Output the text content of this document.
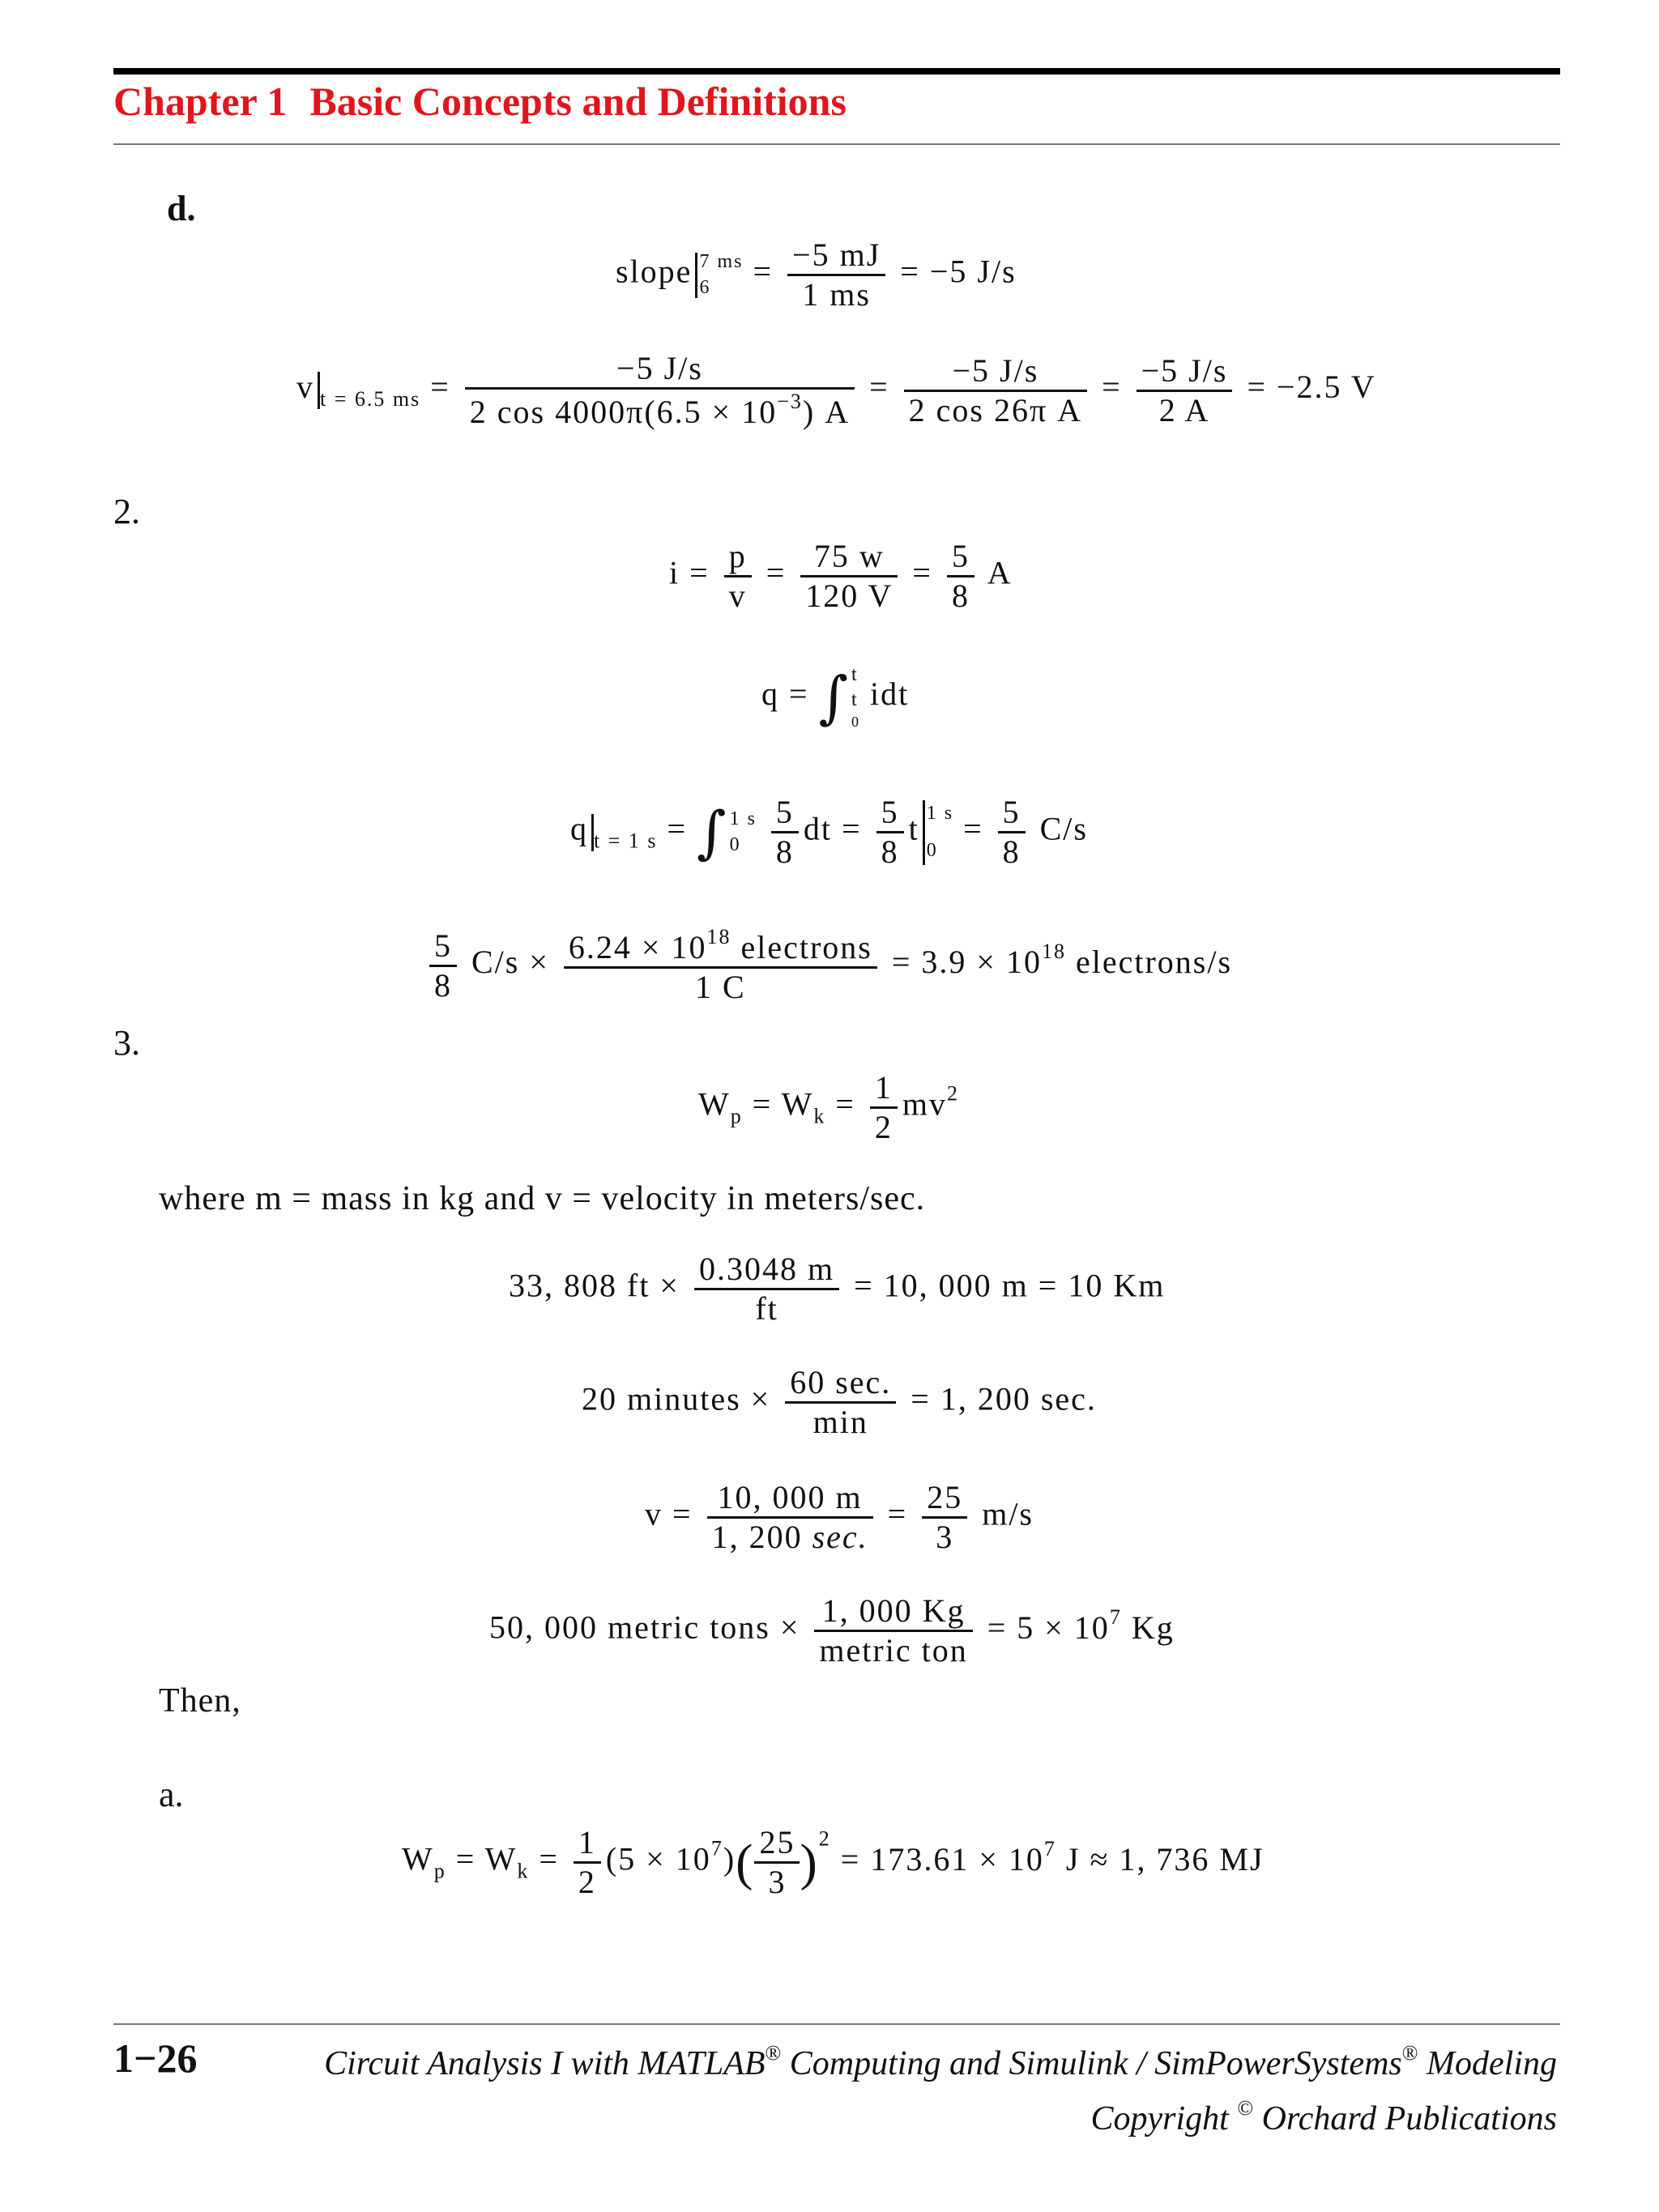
Chapter 1 Basic Concepts and Definitions
d.
slope 7 ms
6	= $\frac{-5 mJ}{1 ms} = -5$ J/s
v $_{t = 6.5 ms} = \frac{-5 J/s}{2 \cos 4000\pi(6.5 \times 10^{-3}) A} = \frac{-5 J/s}{\text{2 cos 26π A}} = \frac{-5 J/s}{2 A} = -2.5$ V
2.
$i = \frac{p}{v} = \frac{75 w}{120 V} = \frac{5}{8}$ A
q = ∫ t
t
0
idt
q $_{t = 1 s}$ = ∫ 1 s
0
$\frac{5}{8}$ dt = $\frac{5}{8}$ t 1 s
0
= $\frac{5}{8} C/s$
$\frac{5}{8} C/s \times \frac{6.24 \times 10^{18} electrons}{1 C} = 3.9 \times 10^{18}$ electrons/s
3.
$W_p = W_k = \frac{1}{2} mv^2$
where m = mass in kg and v = velocity in meters/sec.
33, 808 ft × $\frac{0.3048 m}{ft} = 10$, 000 m = 10 Km
20 minutes × $\frac{60 \sec.}{\min} = 1$, 200 sec.
$v = \frac{10, 000 m}{1, 200 \sec.} = \frac{25}{3} m/s$
50, 000 metric tons × $\frac{1, 000 Kg}{\text{metric ton}} = 5 \times 10^7$ Kg
Then,
a.
$W_p = W_k = \frac{1}{2} (5 \times 10^7)( \frac{25}{3} )^2 = 173.61 \times 10^7$ J ≈ 1, 736 MJ
1−26	Circuit Analysis I with MATLAB® Computing and Simulink / SimPowerSystems® Modeling
Copyright © Orchard Publications
